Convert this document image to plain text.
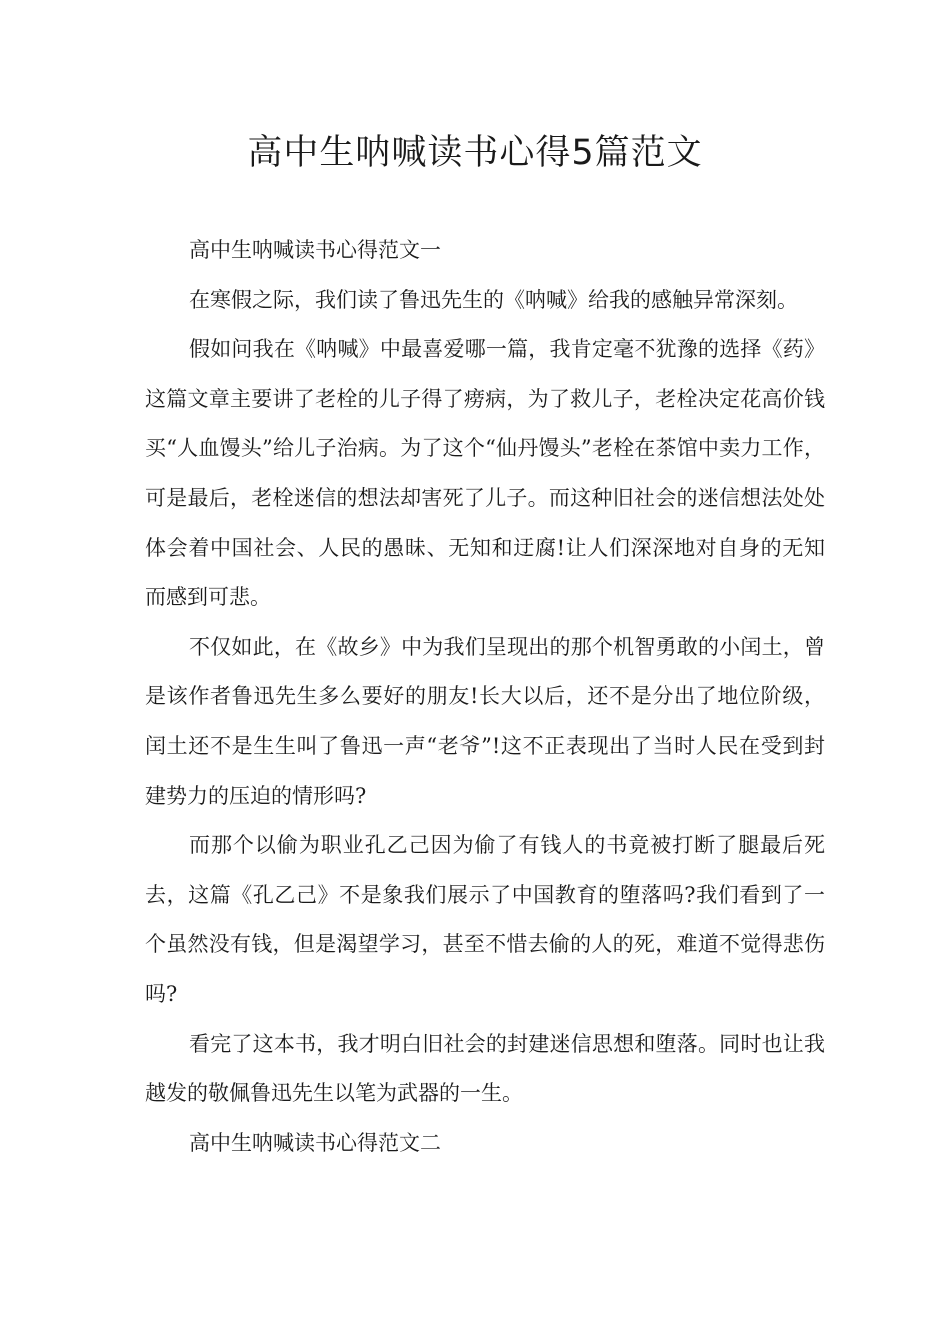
高中生呐喊读书心得5篇范文

高中生呐喊读书心得范文一

在寒假之际，我们读了鲁迅先生的《呐喊》给我的感触异常深刻。

假如问我在《呐喊》中最喜爱哪一篇，我肯定毫不犹豫的选择《药》这篇文章主要讲了老栓的儿子得了痨病，为了救儿子，老栓决定花高价钱买“人血馒头”给儿子治病。为了这个“仙丹馒头”老栓在茶馆中卖力工作，可是最后，老栓迷信的想法却害死了儿子。而这种旧社会的迷信想法处处体会着中国社会、人民的愚昧、无知和迂腐!让人们深深地对自身的无知而感到可悲。

不仅如此，在《故乡》中为我们呈现出的那个机智勇敢的小闰土，曾是该作者鲁迅先生多么要好的朋友!长大以后，还不是分出了地位阶级，闰土还不是生生叫了鲁迅一声“老爷”!这不正表现出了当时人民在受到封建势力的压迫的情形吗?

而那个以偷为职业孔乙己因为偷了有钱人的书竟被打断了腿最后死去，这篇《孔乙己》不是象我们展示了中国教育的堕落吗?我们看到了一个虽然没有钱，但是渴望学习，甚至不惜去偷的人的死，难道不觉得悲伤吗?

看完了这本书，我才明白旧社会的封建迷信思想和堕落。同时也让我越发的敬佩鲁迅先生以笔为武器的一生。

高中生呐喊读书心得范文二
